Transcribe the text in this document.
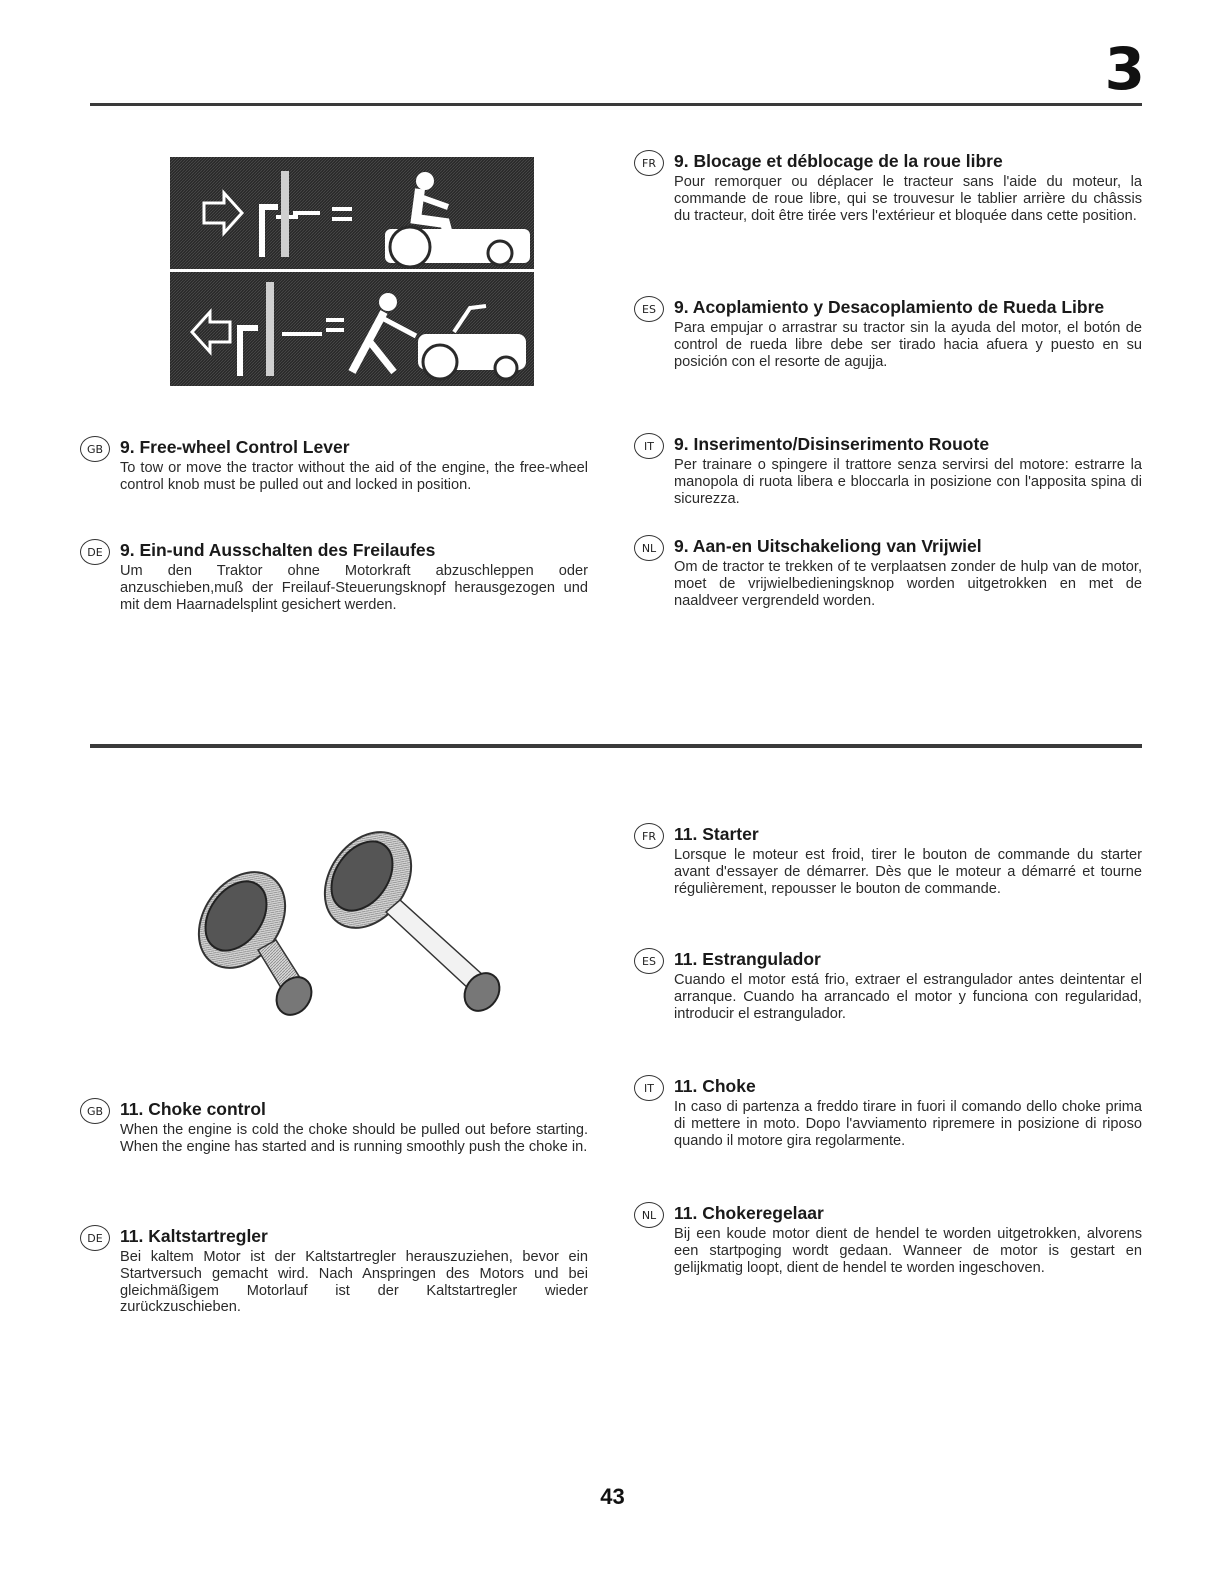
3
GB 9. Free-wheel Control Lever

To tow or move the tractor without the aid of the engine, the free-wheel control knob must be pulled out and locked in position.

DE 9. Ein-und Ausschalten des Freilaufes

Um den Traktor ohne Motorkraft abzuschleppen oder anzuschieben,muß der Freilauf-Steuerungsknopf herausgezogen und mit dem Haarnadelsplint gesichert werden.

FR	9. Blocage et déblocage de la roue libre

Pour remorquer ou déplacer le tracteur sans l'aide du moteur, la commande de roue libre, qui se trouvesur le tablier arrière du châssis du tracteur, doit être tirée vers l'extérieur et bloquée dans cette position.

ES	9. Acoplamiento y Desacoplamiento de Rueda Libre

Para empujar o arrastrar su tractor sin la ayuda del motor, el botón de control de rueda libre debe ser tirado hacia afuera y puesto en su posición con el resorte de agujja.

IT	9. Inserimento/Disinserimento Rouote

Per trainare o spingere il trattore senza servirsi del motore: estrarre la manopola di ruota libera e bloccarla in posizione con l'apposita spina di sicurezza.

NL	9. Aan-en Uitschakeliong van Vrijwiel

Om de tractor te trekken of te verplaatsen zonder de hulp van de motor, moet de vrijwielbedieningsknop worden uitgetrokken en met de naaldveer vergrendeld worden.

GB 11. Choke control

When the engine is cold the choke should be pulled out before starting. When the engine has started and is running smoothly push the choke in.

DE 11. Kaltstartregler

Bei kaltem Motor ist der Kaltstartregler herauszuziehen, bevor ein Startversuch gemacht wird. Nach Anspringen des Motors und bei gleichmäßigem Motorlauf ist der Kaltstartregler wieder zurückzuschieben.

FR	11. Starter

Lorsque le moteur est froid, tirer le bouton de commande du starter avant d'essayer de démarrer. Dès que le moteur a démarré et tourne régulièrement, repousser le bouton de commande.

ES	11. Estrangulador

Cuando el motor está frio, extraer el estrangulador antes deintentar el arranque. Cuando ha arrancado el motor y funciona con regularidad, introducir el estrangulador.

IT	11. Choke

In caso di partenza a freddo tirare in fuori il comando dello choke prima di mettere in moto. Dopo l'avviamento ripremere in posizione di riposo quando il motore gira regolarmente.

NL	11. Chokeregelaar

Bij een koude motor dient de hendel te worden uitgetrokken, alvorens een startpoging wordt gedaan. Wanneer de motor is gestart en gelijkmatig loopt, dient de hendel te worden ingeschoven.

43
